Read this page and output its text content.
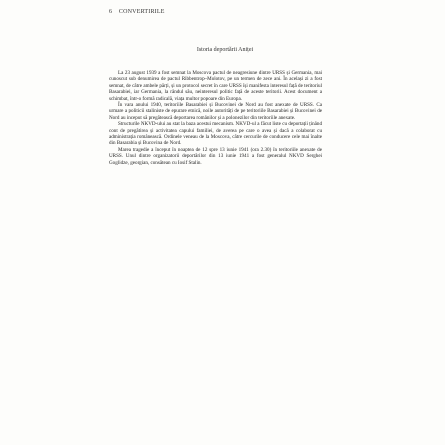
6 CONVERTIRILE
Istoria deportării Aniței

La 23 august 1939 a fost semnat la Moscova pactul de neagresiune dintre URSS și Germania, mai cunoscut sub denumirea de pactul Ribbentrop–Molotov, pe un termen de zece ani. În același zi a fost semnat, de către ambele părți, și un protocol secret în care URSS își manifesta interesul față de teritoriul Basarabiei, iar Germania, la rândul său, neinteresul politic față de aceste teritorii. Acest document a schimbat, într-o formă radicală, viața multor popoare din Europa.

În vara anului 1940, teritoriile Basarabiei și Bucovinei de Nord au fost anexate de URSS. Ca urmare a politicii staliniste de epurare etnică, noile autorități de pe teritoriile Basarabiei și Bucovinei de Nord au inceput să pregătească deportarea românilor și a polonezilor din teritoriile anexate.

Structurile NKVD-ului au stat la baza acestui mecanism. NKVD-ul a făcut liste cu deportații ținând cont de pregătirea și activitatea capului familiei, de averea pe care o avea și dacă a colaborat cu administrația românească. Ordinele veneau de la Moscova, către cercurile de conducere cele mai înalte din Basarabia și Bucovina de Nord.

Marea tragedie a început în noaptea de 12 spre 13 iunie 1941 (ora 2.30) în teritoriile anexate de URSS. Unul dintre organizatorii deportărilor din 13 iunie 1941 a fost generalul NKVD Serghei Goglidze, georgian, consătean cu Iosif Stalin.
